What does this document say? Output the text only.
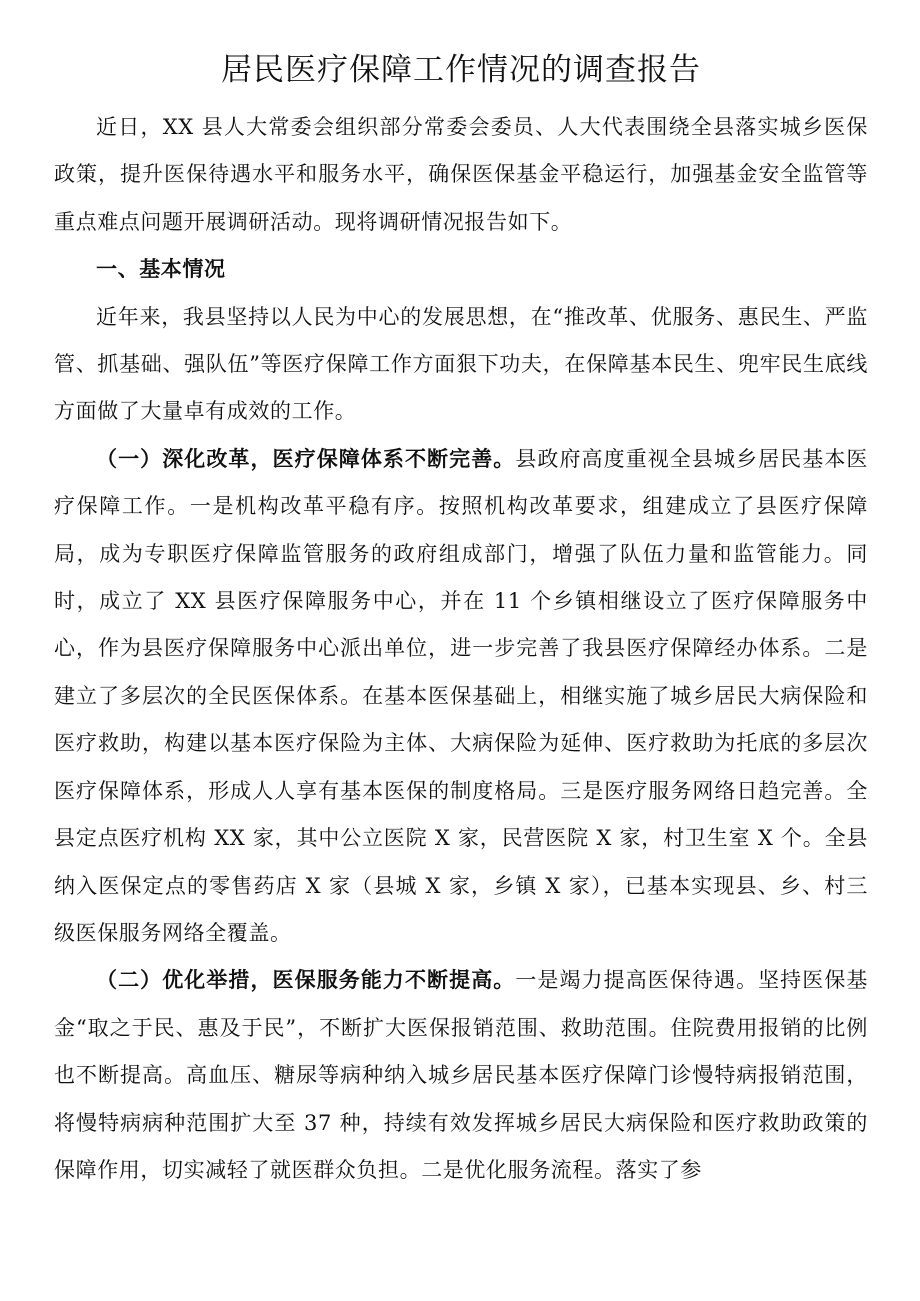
居民医疗保障工作情况的调查报告

近日，XX 县人大常委会组织部分常委会委员、人大代表围绕全县落实城乡医保政策，提升医保待遇水平和服务水平，确保医保基金平稳运行，加强基金安全监管等重点难点问题开展调研活动。现将调研情况报告如下。

一、基本情况

近年来，我县坚持以人民为中心的发展思想，在“推改革、优服务、惠民生、严监管、抓基础、强队伍”等医疗保障工作方面狠下功夫，在保障基本民生、兜牢民生底线方面做了大量卓有成效的工作。

（一）深化改革，医疗保障体系不断完善。县政府高度重视全县城乡居民基本医疗保障工作。一是机构改革平稳有序。按照机构改革要求，组建成立了县医疗保障局，成为专职医疗保障监管服务的政府组成部门，增强了队伍力量和监管能力。同时，成立了 XX 县医疗保障服务中心，并在 11 个乡镇相继设立了医疗保障服务中心，作为县医疗保障服务中心派出单位，进一步完善了我县医疗保障经办体系。二是建立了多层次的全民医保体系。在基本医保基础上，相继实施了城乡居民大病保险和医疗救助，构建以基本医疗保险为主体、大病保险为延伸、医疗救助为托底的多层次医疗保障体系，形成人人享有基本医保的制度格局。三是医疗服务网络日趋完善。全县定点医疗机构 XX 家，其中公立医院 X 家，民营医院 X 家，村卫生室 X 个。全县纳入医保定点的零售药店 X 家（县城 X 家，乡镇 X 家），已基本实现县、乡、村三级医保服务网络全覆盖。

（二）优化举措，医保服务能力不断提高。一是竭力提高医保待遇。坚持医保基金“取之于民、惠及于民”，不断扩大医保报销范围、救助范围。住院费用报销的比例也不断提高。高血压、糖尿等病种纳入城乡居民基本医疗保障门诊慢特病报销范围，将慢特病病种范围扩大至 37 种，持续有效发挥城乡居民大病保险和医疗救助政策的保障作用，切实减轻了就医群众负担。二是优化服务流程。落实了参
